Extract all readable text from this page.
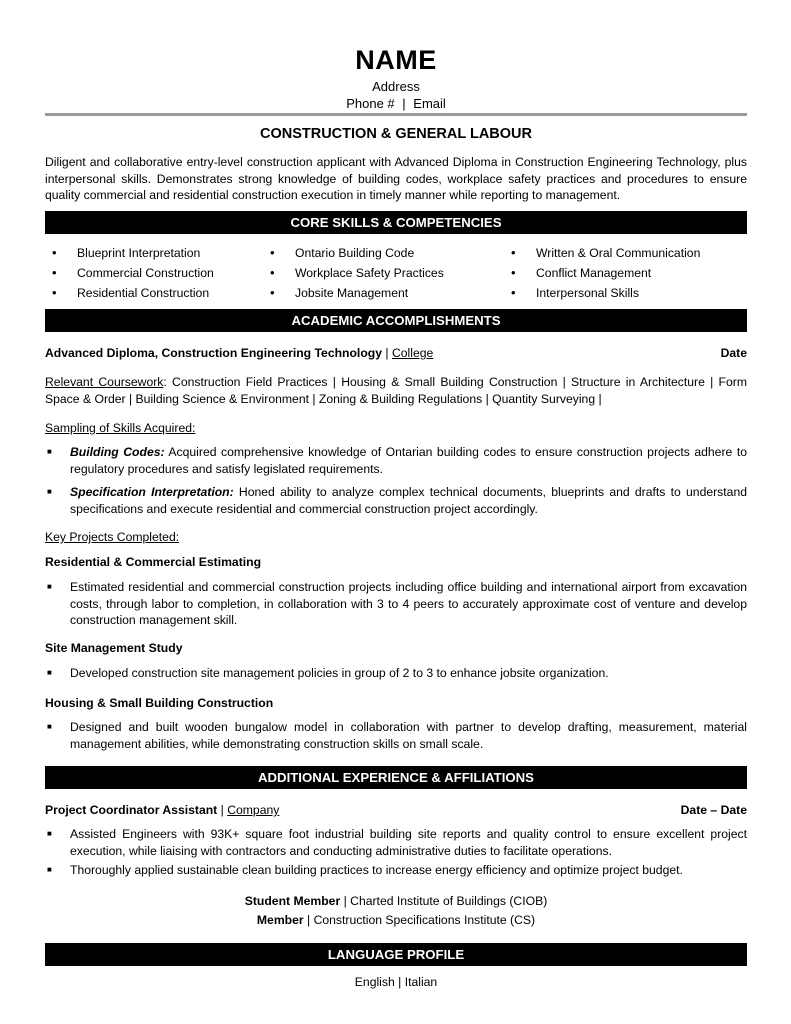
NAME
Address
Phone # | Email
CONSTRUCTION & GENERAL LABOUR
Diligent and collaborative entry-level construction applicant with Advanced Diploma in Construction Engineering Technology, plus interpersonal skills. Demonstrates strong knowledge of building codes, workplace safety practices and procedures to ensure quality commercial and residential construction execution in timely manner while reporting to management.
CORE SKILLS & COMPETENCIES
• Blueprint Interpretation
• Commercial Construction
• Residential Construction
• Ontario Building Code
• Workplace Safety Practices
• Jobsite Management
• Written & Oral Communication
• Conflict Management
• Interpersonal Skills
ACADEMIC ACCOMPLISHMENTS
Advanced Diploma, Construction Engineering Technology | College	Date
Relevant Coursework: Construction Field Practices | Housing & Small Building Construction | Structure in Architecture | Form Space & Order | Building Science & Environment | Zoning & Building Regulations | Quantity Surveying |
Sampling of Skills Acquired:
■ Building Codes: Acquired comprehensive knowledge of Ontarian building codes to ensure construction projects adhere to regulatory procedures and satisfy legislated requirements.
■ Specification Interpretation: Honed ability to analyze complex technical documents, blueprints and drafts to understand specifications and execute residential and commercial construction project accordingly.
Key Projects Completed:
Residential & Commercial Estimating
■ Estimated residential and commercial construction projects including office building and international airport from excavation costs, through labor to completion, in collaboration with 3 to 4 peers to accurately approximate cost of venture and develop construction management skill.
Site Management Study
■ Developed construction site management policies in group of 2 to 3 to enhance jobsite organization.
Housing & Small Building Construction
■ Designed and built wooden bungalow model in collaboration with partner to develop drafting, measurement, material management abilities, while demonstrating construction skills on small scale.
ADDITIONAL EXPERIENCE & AFFILIATIONS
Project Coordinator Assistant | Company	Date – Date
■ Assisted Engineers with 93K+ square foot industrial building site reports and quality control to ensure excellent project execution, while liaising with contractors and conducting administrative duties to facilitate operations.
■ Thoroughly applied sustainable clean building practices to increase energy efficiency and optimize project budget.
Student Member | Charted Institute of Buildings (CIOB)
Member | Construction Specifications Institute (CS)
LANGUAGE PROFILE
English | Italian
